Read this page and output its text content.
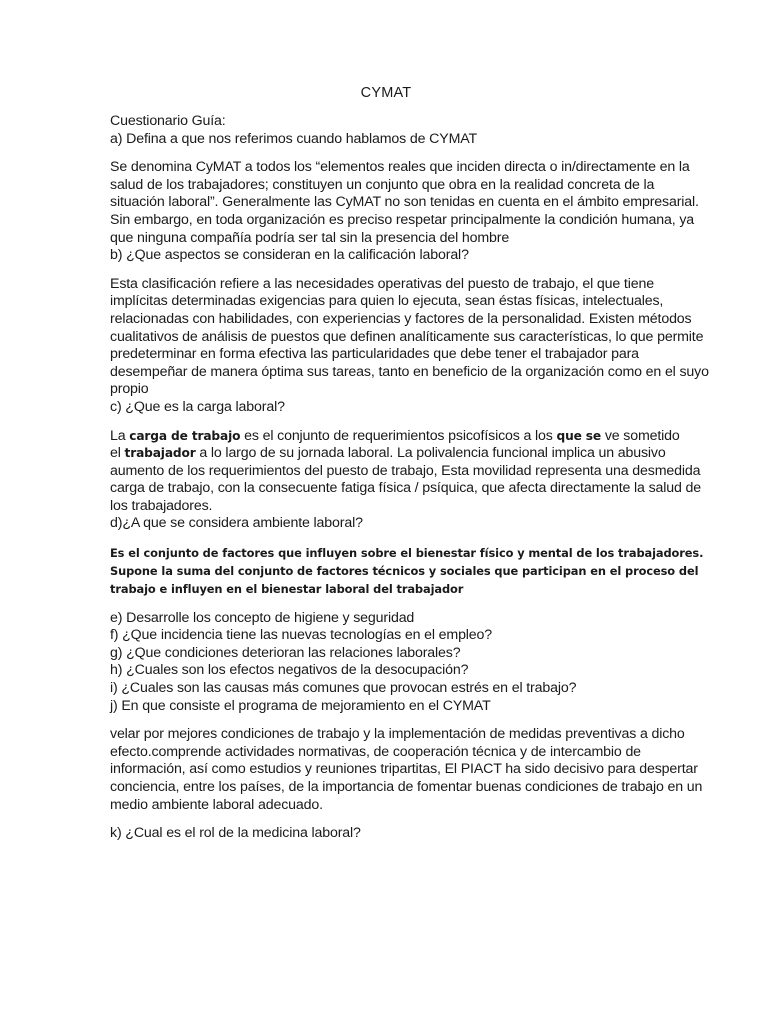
CYMAT
Cuestionario Guía:
a) Defina a que nos referimos cuando hablamos de CYMAT
Se denomina CyMAT a todos los “elementos reales que inciden directa o in/directamente en la
salud de los trabajadores; constituyen un conjunto que obra en la realidad concreta de la
situación laboral”. Generalmente las CyMAT no son tenidas en cuenta en el ámbito empresarial.
Sin embargo, en toda organización es preciso respetar principalmente la condición humana, ya
que ninguna compañía podría ser tal sin la presencia del hombre
b) ¿Que aspectos se consideran en la calificación laboral?
Esta clasificación refiere a las necesidades operativas del puesto de trabajo, el que tiene
implícitas determinadas exigencias para quien lo ejecuta, sean éstas físicas, intelectuales,
relacionadas con habilidades, con experiencias y factores de la personalidad. Existen métodos
cualitativos de análisis de puestos que definen analíticamente sus características, lo que permite
predeterminar en forma efectiva las particularidades que debe tener el trabajador para
desempeñar de manera óptima sus tareas, tanto en beneficio de la organización como en el suyo
propio
c) ¿Que es la carga laboral?
La carga de trabajo es el conjunto de requerimientos psicofísicos a los que se ve sometido
el trabajador a lo largo de su jornada laboral. La polivalencia funcional implica un abusivo
aumento de los requerimientos del puesto de trabajo, Esta movilidad representa una desmedida
carga de trabajo, con la consecuente fatiga física / psíquica, que afecta directamente la salud de
los trabajadores.
d)¿A que se considera ambiente laboral?
Es el conjunto de factores que influyen sobre el bienestar físico y mental de los trabajadores.
Supone la suma del conjunto de factores técnicos y sociales que participan en el proceso del
trabajo e influyen en el bienestar laboral del trabajador
e) Desarrolle los concepto de higiene y seguridad
f) ¿Que incidencia tiene las nuevas tecnologías en el empleo?
g) ¿Que condiciones deterioran las relaciones laborales?
h) ¿Cuales son los efectos negativos de la desocupación?
i) ¿Cuales son las causas más comunes que provocan estrés en el trabajo?
j) En que consiste el programa de mejoramiento en el CYMAT
velar por mejores condiciones de trabajo y la implementación de medidas preventivas a dicho
efecto.comprende actividades normativas, de cooperación técnica y de intercambio de
información, así como estudios y reuniones tripartitas, El PIACT ha sido decisivo para despertar
conciencia, entre los países, de la importancia de fomentar buenas condiciones de trabajo en un
medio ambiente laboral adecuado.
k) ¿Cual es el rol de la medicina laboral?
